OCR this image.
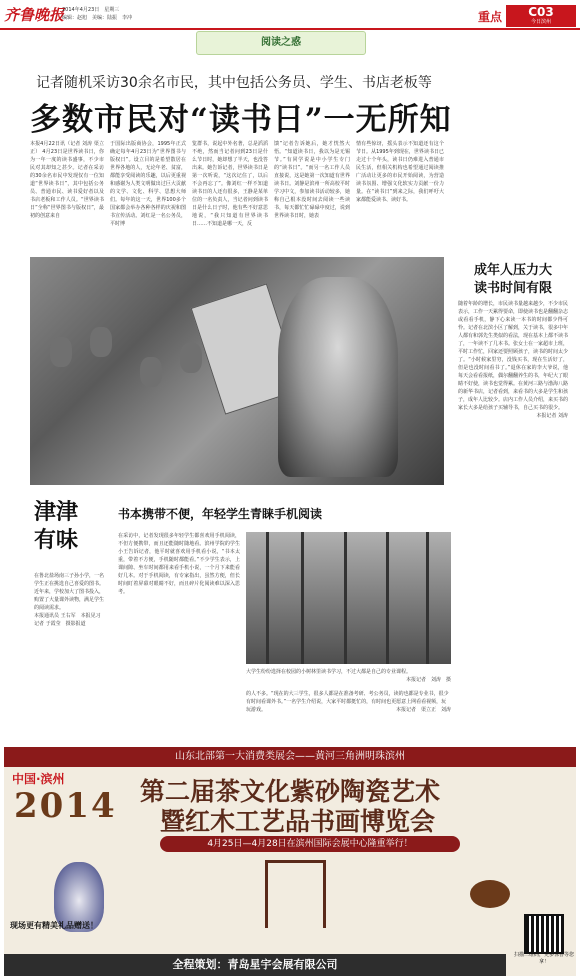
齐鲁晚报
2014年4月23日　星期三
编辑：赵旭　美编：陆振　李冲	重点	C03
今日滨州
阅读之惑
记者随机采访30余名市民，其中包括公务员、学生、书店老板等
多数市民对“读书日”一无所知
本报4月22日讯（记者 刘涛 渠立正） 4月23日是世界读书日，你为一年一度的读书盛事，不少市民对其却知之甚少。记者在采访的30余名市民中发现仅有一位知道“世界读书日”，其中包括公务员、普通市民、读书爱好者以及书店老板和工作人员。“世界读书日”全称“世界图书与版权日”，最初的创意来自
于国际出版商协会，1995年正式确定每年4月23日为“世界图书与版权日”。设立目的是希望散居在世界各地的人，无论年老、贫富，都能享受阅读的乐趣，以后更重视和感谢为人类文明做出过巨大贡献的文学、文化、科学、思想大师们。每年的这一天，世界100多个国家都会举办各种各样的庆祝和图书宣传活动。刘红是一名公务员，平时博
览群书，说起中外名著，总是滔滔不绝，然而当记者问到23日是什么节日时，她却想了半天，也没答出来。她告诉记者，世界读书日是第一次听说，“这次记住了，以后不会再忘了”。像刘红一样不知道读书日的人还有很多，王静是某单位的一名负责人，当记者问到读书日是什么日子时，他有些不好意思地说，“我只知道有世界读书日……不知道是哪一天，反
馈”记者告诉她后，她才恍然大悟。“知道读书日，我以为是无锡节。”有同学说是中小学生专门的“读书日”。“而另一名工作人员直接说，这是她第一次知道有世界读书日。刘静是滨州一所高校平时学习中文，参加读书活动较多，她称自己根本没时间去阅读一些读书，每天都忙忙碌碌中度过，说到世界读书日时，她表
情有些惊讶，摇头表示不知道还有这个节日。从1995年到现在，世界读书日已走过十个年头，读书日仍难进入普通市民生活，但相关机构也希望通过阅读推广活动让更多的市民开始阅读，为营造读书氛围、增强文化软实力贡献一份力量。在“读书日”到来之际，我们呼吁大家都能爱读书、读好书。
成年人压力大
读书时间有限
随着年龄的增长，市民读书量越来越少，不少市民表示，工作一天累得要命，即使读书也是翻翻杂志或看看手机，静下心来读一本书的时间都少得可怜。记者在北滨小区了解到，关于读书，很多中年人都有和郭先生类似的看法，现在基本上都不读书了，一年读不了几本书。张女士在一家超市上班，平时工作忙，回家还要照顾孩子，读书的时间太少了。“小时候家里穷，没钱买书，现在生活好了，但是也没时间看书了。”退休在家的李大爷说，他每天会看看报纸，偶尔翻翻养生的书，年纪大了眼睛不好使，读书也觉得累。在黄河三路与渤海八路的新华书店，记者看到，来看书的大多是学生和孩子，成年人比较少。店内工作人员介绍，来买书的家长大多是给孩子买辅导书，自己买书的很少。

本报记者 刘涛
津津
有味
在鲁北盐场南三子孙小学，一名学生正在挑选自己喜爱的图书。近年来，学校加大了图书投入，购置了大量课外读物，满足学生的阅读需求。
本报通讯员 王右军　本报见习记者 于霞莹　摄影报道
书本携带不便，年轻学生青睐手机阅读
在采访中，记者发现很多年轻学生都喜欢用手机阅读，不但方便携带，而且还能随时随地看。滨州学院的学生小王告诉记者，他平时就喜欢用手机看小说，“书本太重，带着不方便，手机随时都能看。”不少学生表示，上课间隙、坐车时间都用来看手机小说，一个月下来能看好几本。对于手机阅读，有专家指出，虽然方便，但长时间盯着屏幕对眼睛不好，而且碎片化阅读难以深入思考。
大学生纷纷选择在校园的小树林里读书学习，不过大都是自己的专业课程。
本报记者　刘涛　摄
的人不多。“现在的大三学生，很多人都是在准备考研、考公务员，读的也都是专业书，很少有时间看课外书。”一名学生介绍说，大家平时都挺忙的，有时间也更愿意上网看看视频，玩玩游戏。	本报记者　渠立正　刘涛
山东北部第一大消费类展会——黄河三角洲明珠滨州
中国·滨州
2014 第二届茶文化紫砂陶瓷艺术
暨红木工艺品书画博览会
4月25日—4月28日在滨州国际会展中心隆重举行！
现场更有精美礼品赠送！
扫描二维码，更多惊喜等您拿！
全程策划：青岛星宇会展有限公司
